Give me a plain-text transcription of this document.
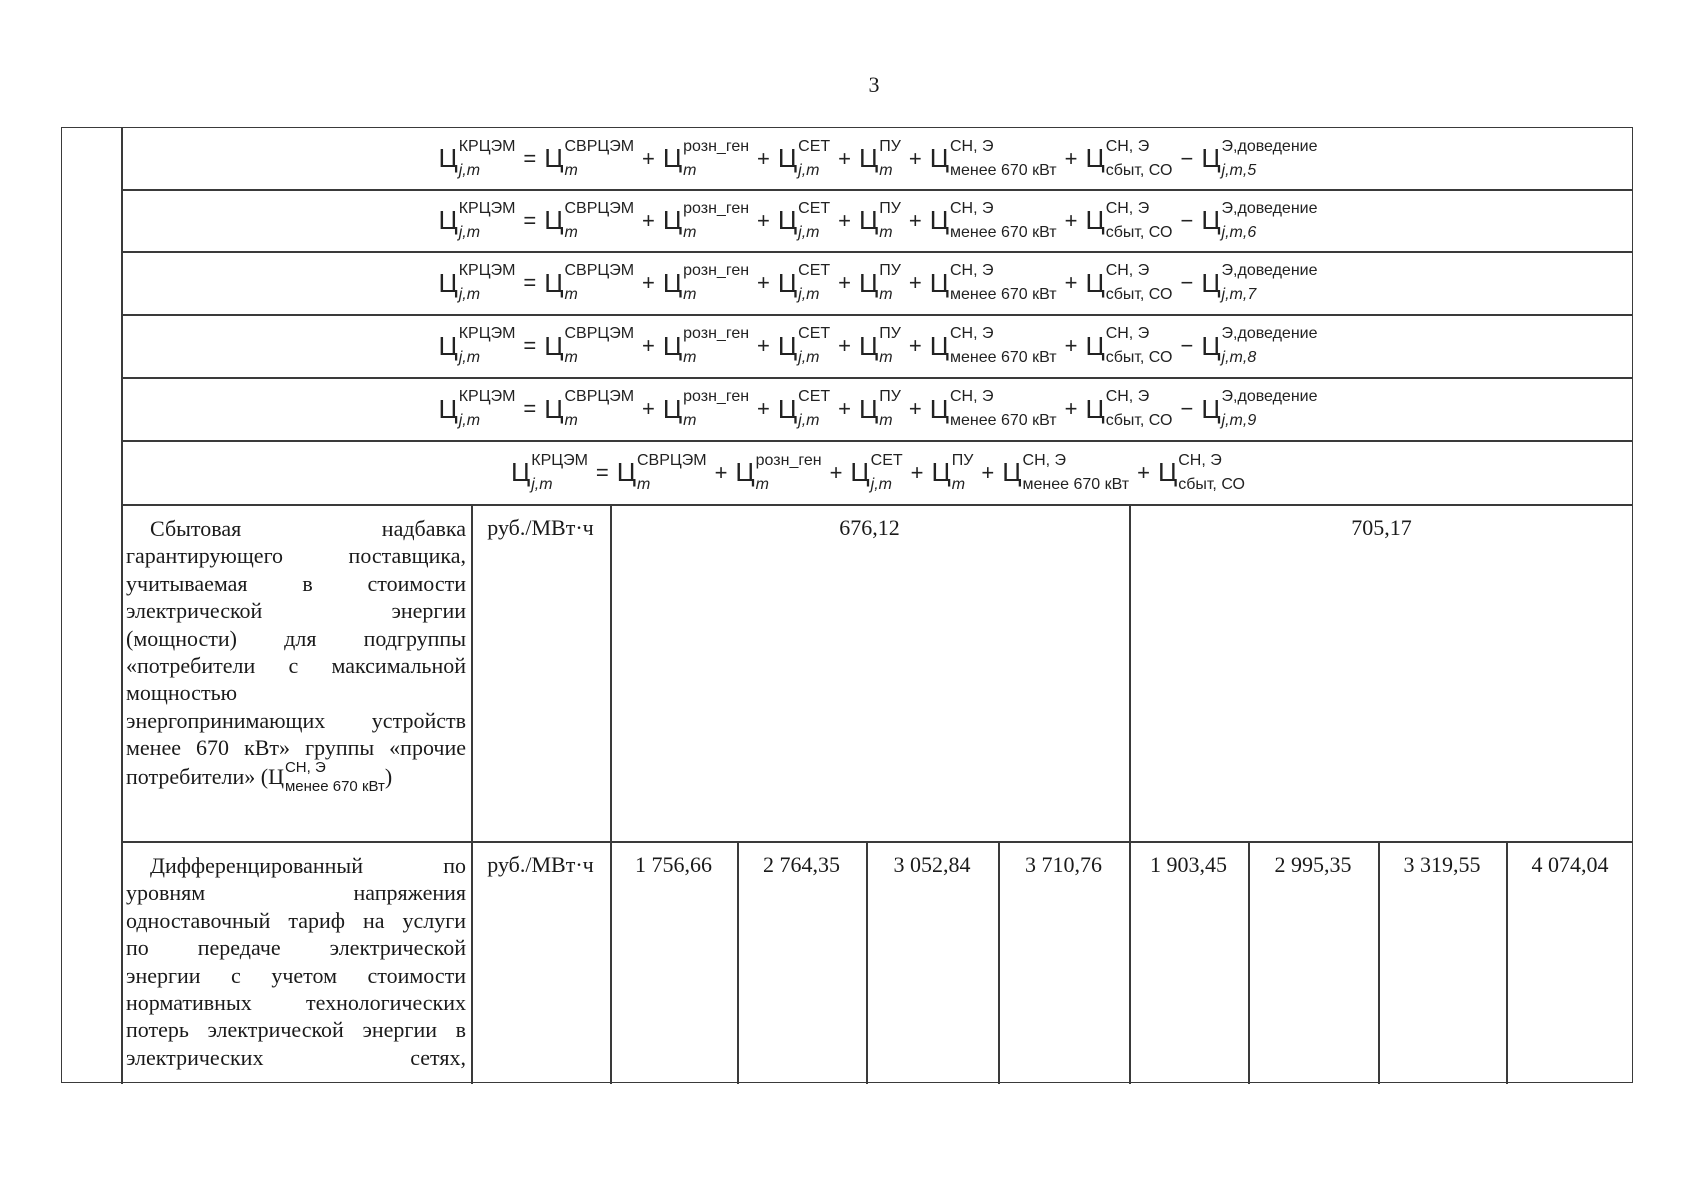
3
Ц КРЦЭМ
j,m	= Ц СВРЦЭМ
m	+ Ц розн_ген
m	+ Ц СЕТ
j,m + Ц ПУ
m + Ц СН, Э
менее 670 кВт + Ц СН, Э
сбыт, СО − Ц Э,доведение
j,m,5
Ц КРЦЭМ
j,m	= Ц СВРЦЭМ
m	+ Ц розн_ген
m	+ Ц СЕТ
j,m + Ц ПУ
m + Ц СН, Э
менее 670 кВт + Ц СН, Э
сбыт, СО − Ц Э,доведение
j,m,6
Ц КРЦЭМ
j,m	= Ц СВРЦЭМ
m	+ Ц розн_ген
m	+ Ц СЕТ
j,m + Ц ПУ
m + Ц СН, Э
менее 670 кВт + Ц СН, Э
сбыт, СО − Ц Э,доведение
j,m,7
Ц КРЦЭМ
j,m	= Ц СВРЦЭМ
m	+ Ц розн_ген
m	+ Ц СЕТ
j,m + Ц ПУ
m + Ц СН, Э
менее 670 кВт + Ц СН, Э
сбыт, СО − Ц Э,доведение
j,m,8
Ц КРЦЭМ
j,m	= Ц СВРЦЭМ
m	+ Ц розн_ген
m	+ Ц СЕТ
j,m + Ц ПУ
m + Ц СН, Э
менее 670 кВт + Ц СН, Э
сбыт, СО − Ц Э,доведение
j,m,9
Ц КРЦЭМ
j,m	= Ц СВРЦЭМ
m	+ Ц розн_ген
m	+ Ц СЕТ
j,m + Ц ПУ
m + Ц СН, Э
менее 670 кВт + Ц СН, Э
сбыт, СО
Сбытовая надбавка
гарантирующего поставщика,
учитываемая в стоимости
электрической энергии
(мощности) для подгруппы
«потребители с максимальной
мощностью
энергопринимающих устройств
менее 670 кВт» группы «прочие
потребители» ( Ц СН, Э
менее 670 кВт )
руб./МВт·ч	676,12	705,17
Дифференцированный по
уровням напряжения
одноставочный тариф на услуги
по передаче электрической
энергии с учетом стоимости
нормативных технологических
потерь электрической энергии в
электрических сетях,
руб./МВт·ч	1 756,66	2 764,35	3 052,84	3 710,76	1 903,45	2 995,35	3 319,55	4 074,04
